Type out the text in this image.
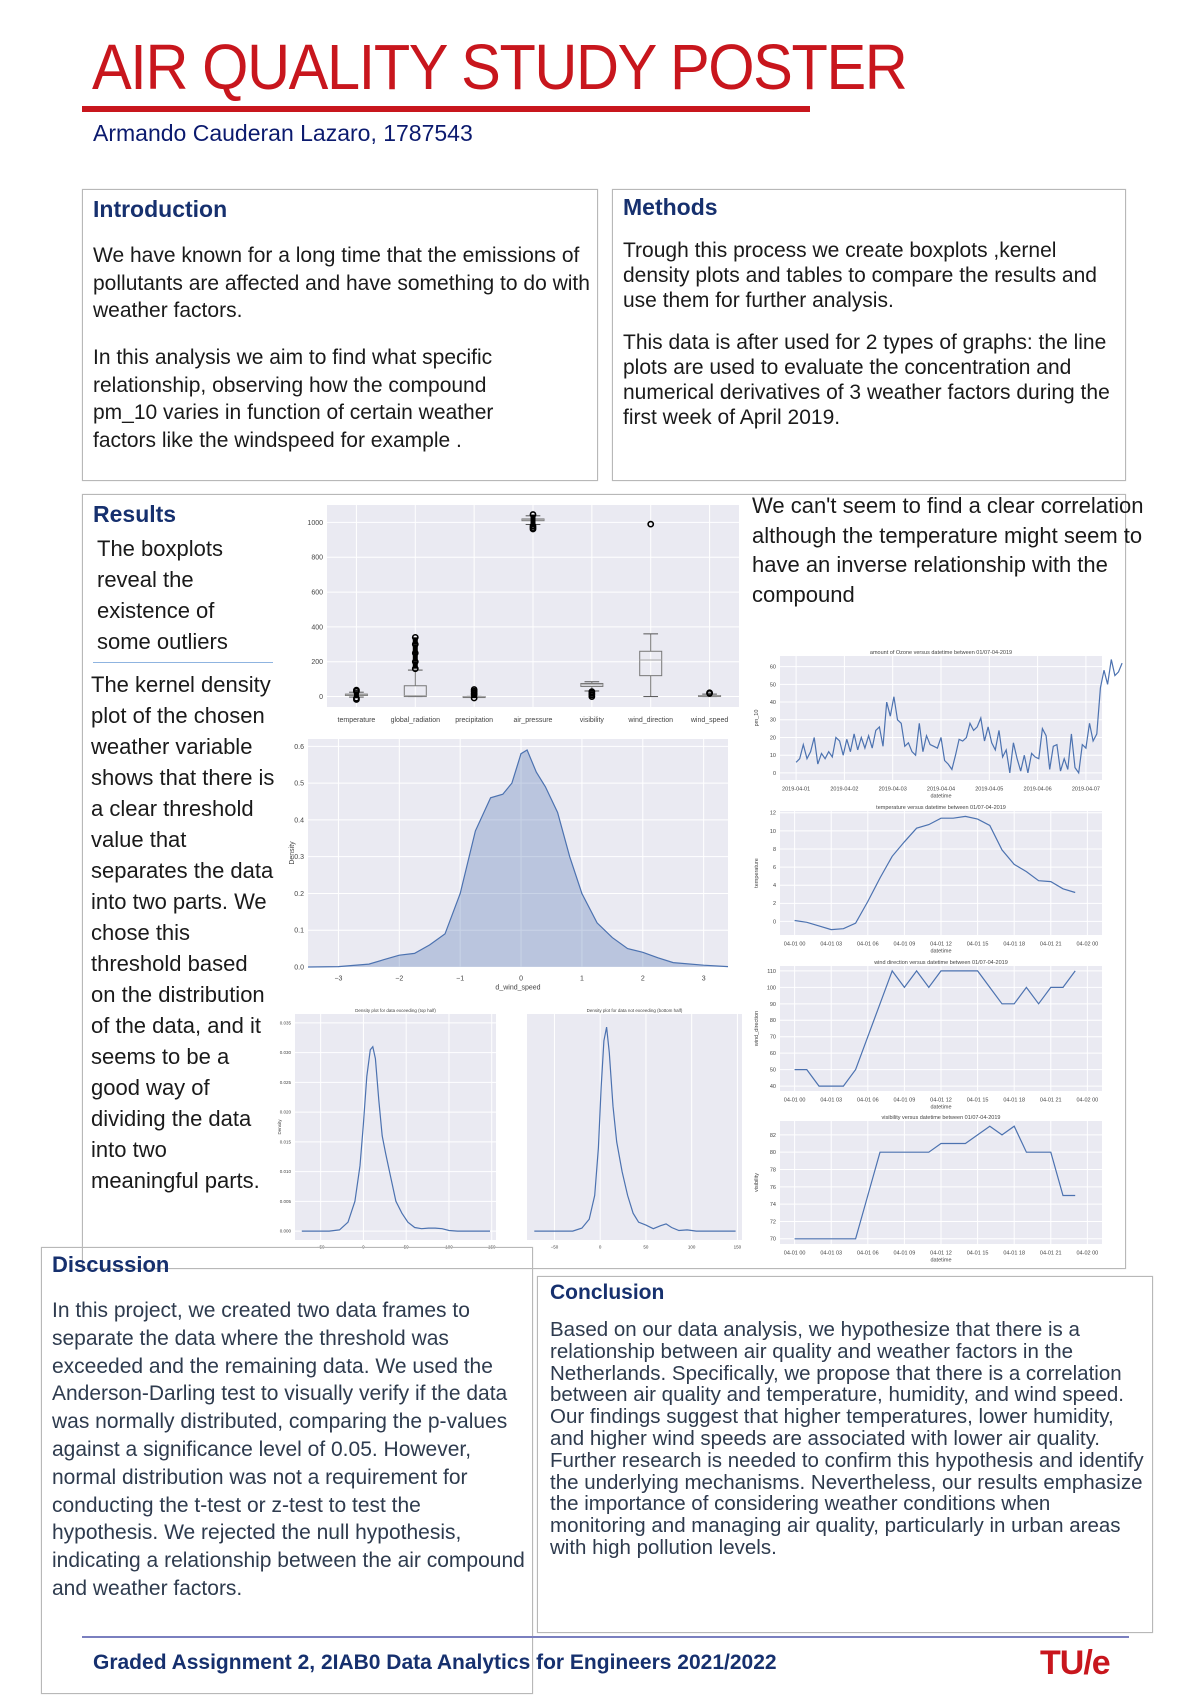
AIR QUALITY STUDY POSTER
Armando Cauderan Lazaro, 1787543
Introduction
We have known for a long time that the emissions of pollutants are affected and have something to do with weather factors.
In this analysis we aim to find what specific relationship, observing how the compound pm_10 varies in function of certain weather factors like the windspeed for example .
Methods
Trough this process we create boxplots ,kernel density plots and tables to compare the results and use them for further analysis.
This data is after used for 2 types of graphs: the line plots are used to evaluate the concentration and numerical derivatives of 3 weather factors during the first week of April 2019.
Results
The boxplots reveal the existence of some outliers
The kernel density plot of the chosen weather variable shows that there is a clear threshold value that separates the data into two parts. We chose this threshold based on the distribution of the data, and it seems to be a good way of dividing the data into two meaningful parts.
We can't seem to find a clear correlation although the temperature might seem to have an inverse relationship with the compound
0
200
400
600
800
1000
temperature global_radiation precipitation	air_pressure	visibility	wind_direction	wind_speed
0.0
0.1
0.2
0.3
0.4
0.5
0.6
−3	−2	−1	0	1	2	3
d_wind_speed
Density
0.000
0.005
0.010
0.015
0.020
0.025
0.030
0.035
−50	0	50	100	150
Density plot for data exceeding (top half)
Density
−50	0	50	100	150
Density plot for data not exceeding (bottom half)
0
10
20
30
40
50
60
2019-04-01	2019-04-02	2019-04-03	2019-04-04	2019-04-05	2019-04-06	2019-04-07
amount of Ozone versus datetime between 01/07-04-2019
datetime
pm_10
0
2
4
6
8
10
12
04-01 00	04-01 03	04-01 06	04-01 09	04-01 12	04-01 15	04-01 18	04-01 21	04-02 00
temperature versus datetime between 01/07-04-2019
datetime
temperature
40
50
60
70
80
90
100
110
04-01 00	04-01 03	04-01 06	04-01 09	04-01 12	04-01 15	04-01 18	04-01 21	04-02 00
wind direction versus datetime between 01/07-04-2019
datetime
wind_direction
70
72
74
76
78
80
82
04-01 00	04-01 03	04-01 06	04-01 09	04-01 12	04-01 15	04-01 18	04-01 21	04-02 00
visibility versus datetime between 01/07-04-2019
datetime
visibility
Discussion
In this project, we created two data frames to separate the data where the threshold was exceeded and the remaining data. We used the Anderson-Darling test to visually verify if the data was normally distributed, comparing the p-values against a significance level of 0.05. However, normal distribution was not a requirement for conducting the t-test or z-test to test the hypothesis. We rejected the null hypothesis, indicating a relationship between the air compound and weather factors.
Conclusion
Based on our data analysis, we hypothesize that there is a relationship between air quality and weather factors in the Netherlands. Specifically, we propose that there is a correlation between air quality and temperature, humidity, and wind speed. Our findings suggest that higher temperatures, lower humidity, and higher wind speeds are associated with lower air quality. Further research is needed to confirm this hypothesis and identify the underlying mechanisms. Nevertheless, our results emphasize the importance of considering weather conditions when monitoring and managing air quality, particularly in urban areas with high pollution levels.
Graded Assignment 2, 2IAB0 Data Analytics for Engineers 2021/2022	TU/e
